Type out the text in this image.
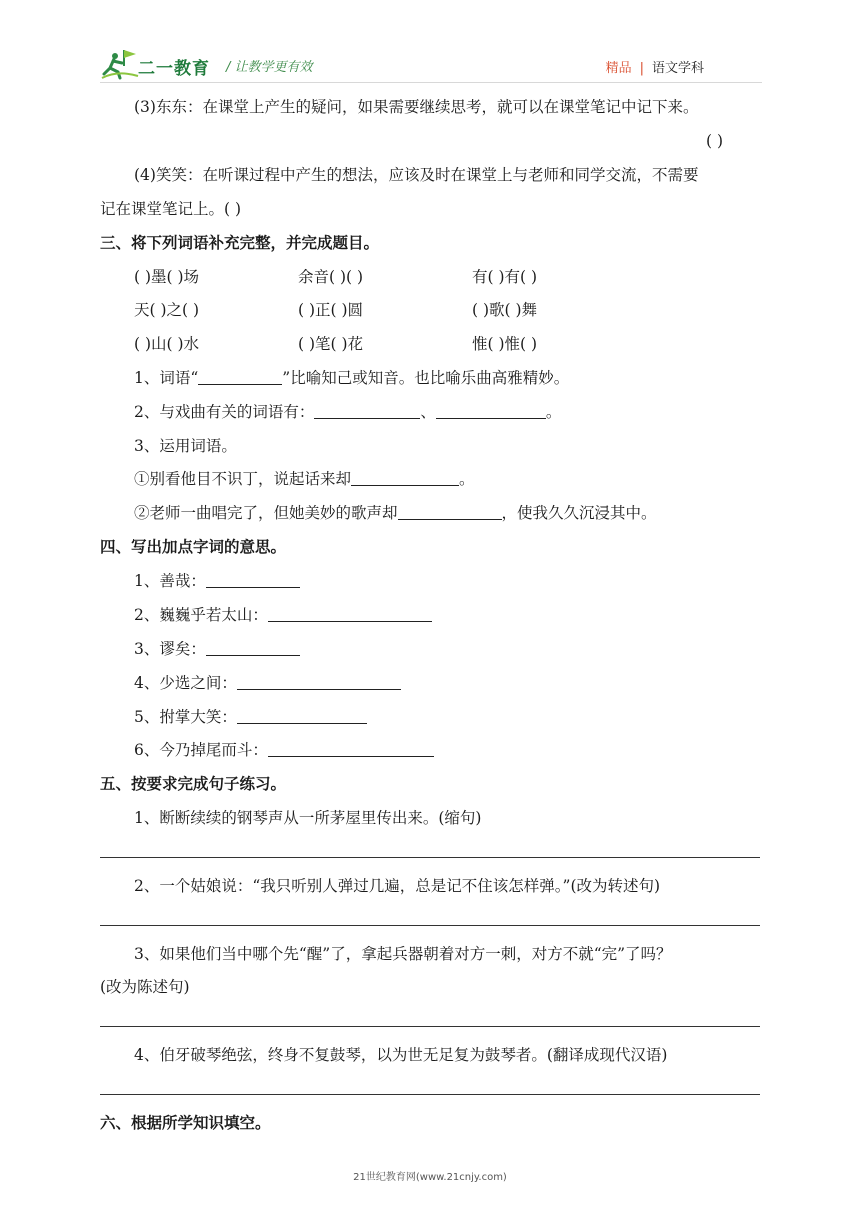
二一教育 / 让教学更有效	精品 | 语文学科
(3)东东：在课堂上产生的疑问，如果需要继续思考，就可以在课堂笔记中记下来。
( )
(4)笑笑：在听课过程中产生的想法，应该及时在课堂上与老师和同学交流，不需要
记在课堂笔记上。( )
三、将下列词语补充完整，并完成题目。
( )墨( )场	余音( )( )	有( )有( )
天( )之( )	( )正( )圆	( )歌( )舞
( )山( )水	( )笔( )花	惟( )惟( )
1、词语“	”比喻知己或知音。也比喻乐曲高雅精妙。
2、与戏曲有关的词语有：	、	。
3、运用词语。
①别看他目不识丁，说起话来却	。
②老师一曲唱完了，但她美妙的歌声却	，使我久久沉浸其中。
四、写出加点字词的意思。
1、善哉：
2、巍巍乎若太山：
3、谬矣：
4、少选之间：
5、拊掌大笑：
6、今乃掉尾而斗：
五、按要求完成句子练习。
1、断断续续的钢琴声从一所茅屋里传出来。(缩句)
2、一个姑娘说：“我只听别人弹过几遍，总是记不住该怎样弹。”(改为转述句)
3、如果他们当中哪个先“醒”了，拿起兵器朝着对方一刺，对方不就“完”了吗？
(改为陈述句)
4、伯牙破琴绝弦，终身不复鼓琴，以为世无足复为鼓琴者。(翻译成现代汉语)
六、根据所学知识填空。
21世纪教育网(www.21cnjy.com)
